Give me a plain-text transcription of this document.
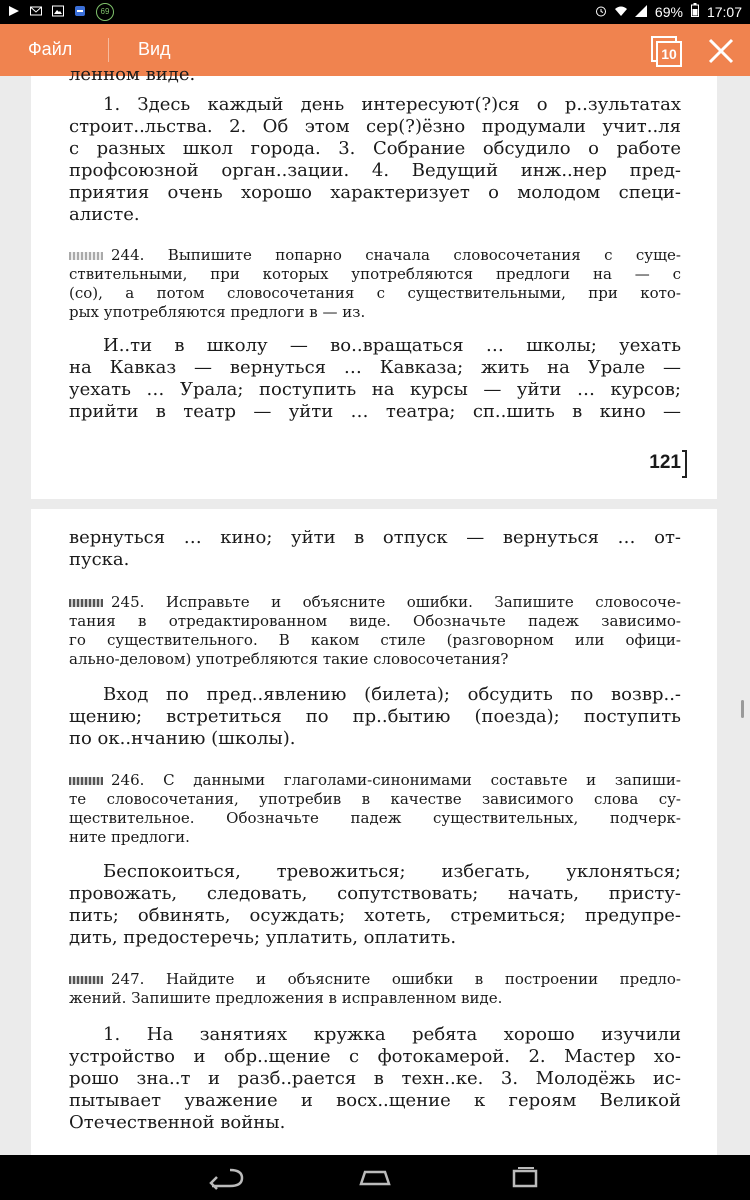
69	69% 17:07
Файл	Вид	10
ленном виде.
1. Здесь каждый день интересуют(?)ся о р..зультатах
строит..льства. 2. Об этом сер(?)ёзно продумали учит..ля
с разных школ города. 3. Собрание обсудило о работе
профсоюзной орган..зации. 4. Ведущий инж..нер пред-
приятия очень хорошо характеризует о молодом специ-
алисте.
244. Выпишите попарно сначала словосочетания с суще-
ствительными, при которых употребляются предлоги на — с
(со), а потом словосочетания с существительными, при кото-
рых употребляются предлоги в — из.
И..ти в школу — во..вращаться … школы; уехать
на Кавказ — вернуться … Кавказа; жить на Урале —
уехать … Урала; поступить на курсы — уйти … курсов;
прийти в театр — уйти … театра; сп..шить в кино —
121
вернуться … кино; уйти в отпуск — вернуться … от-
пуска.
245. Исправьте и объясните ошибки. Запишите словосоче-
тания в отредактированном виде. Обозначьте падеж зависимо-
го существительного. В каком стиле (разговорном или офици-
ально-деловом) употребляются такие словосочетания?
Вход по пред..явлению (билета); обсудить по возвр..-
щению; встретиться по пр..бытию (поезда); поступить
по ок..нчанию (школы).
246. С данными глаголами-синонимами составьте и запиши-
те словосочетания, употребив в качестве зависимого слова су-
ществительное. Обозначьте падеж существительных, подчерк-
ните предлоги.
Беспокоиться, тревожиться; избегать, уклоняться;
провожать, следовать, сопутствовать; начать, присту-
пить; обвинять, осуждать; хотеть, стремиться; предупре-
дить, предостеречь; уплатить, оплатить.
247. Найдите и объясните ошибки в построении предло-
жений. Запишите предложения в исправленном виде.
1. На занятиях кружка ребята хорошо изучили
устройство и обр..щение с фотокамерой. 2. Мастер хо-
рошо зна..т и разб..рается в техн..ке. 3. Молодёжь ис-
пытывает уважение и восх..щение к героям Великой
Отечественной войны.
